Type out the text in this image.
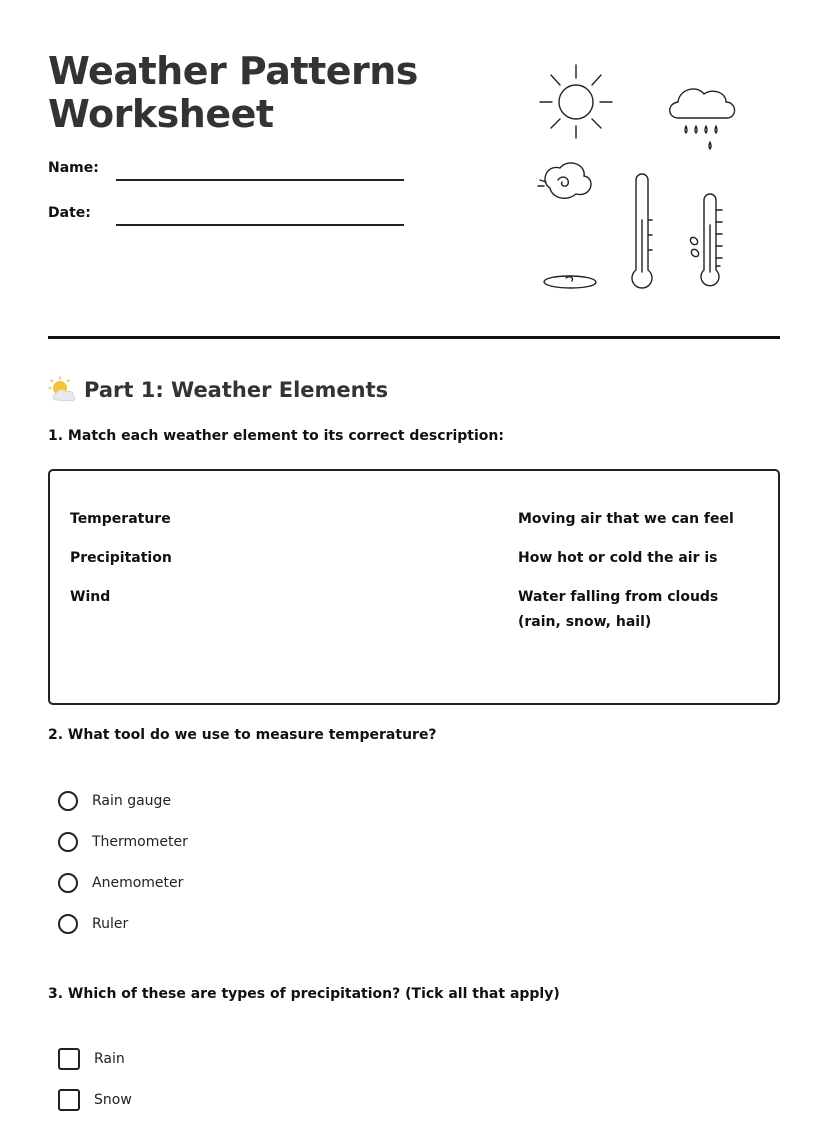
Weather Patterns Worksheet
Name:
Date:
Part 1: Weather Elements
1. Match each weather element to its correct description:
Temperature
Precipitation
Wind
Moving air that we can feel
How hot or cold the air is
Water falling from clouds (rain, snow, hail)
2. What tool do we use to measure temperature?
Rain gauge
Thermometer
Anemometer
Ruler
3. Which of these are types of precipitation? (Tick all that apply)
Rain
Snow
